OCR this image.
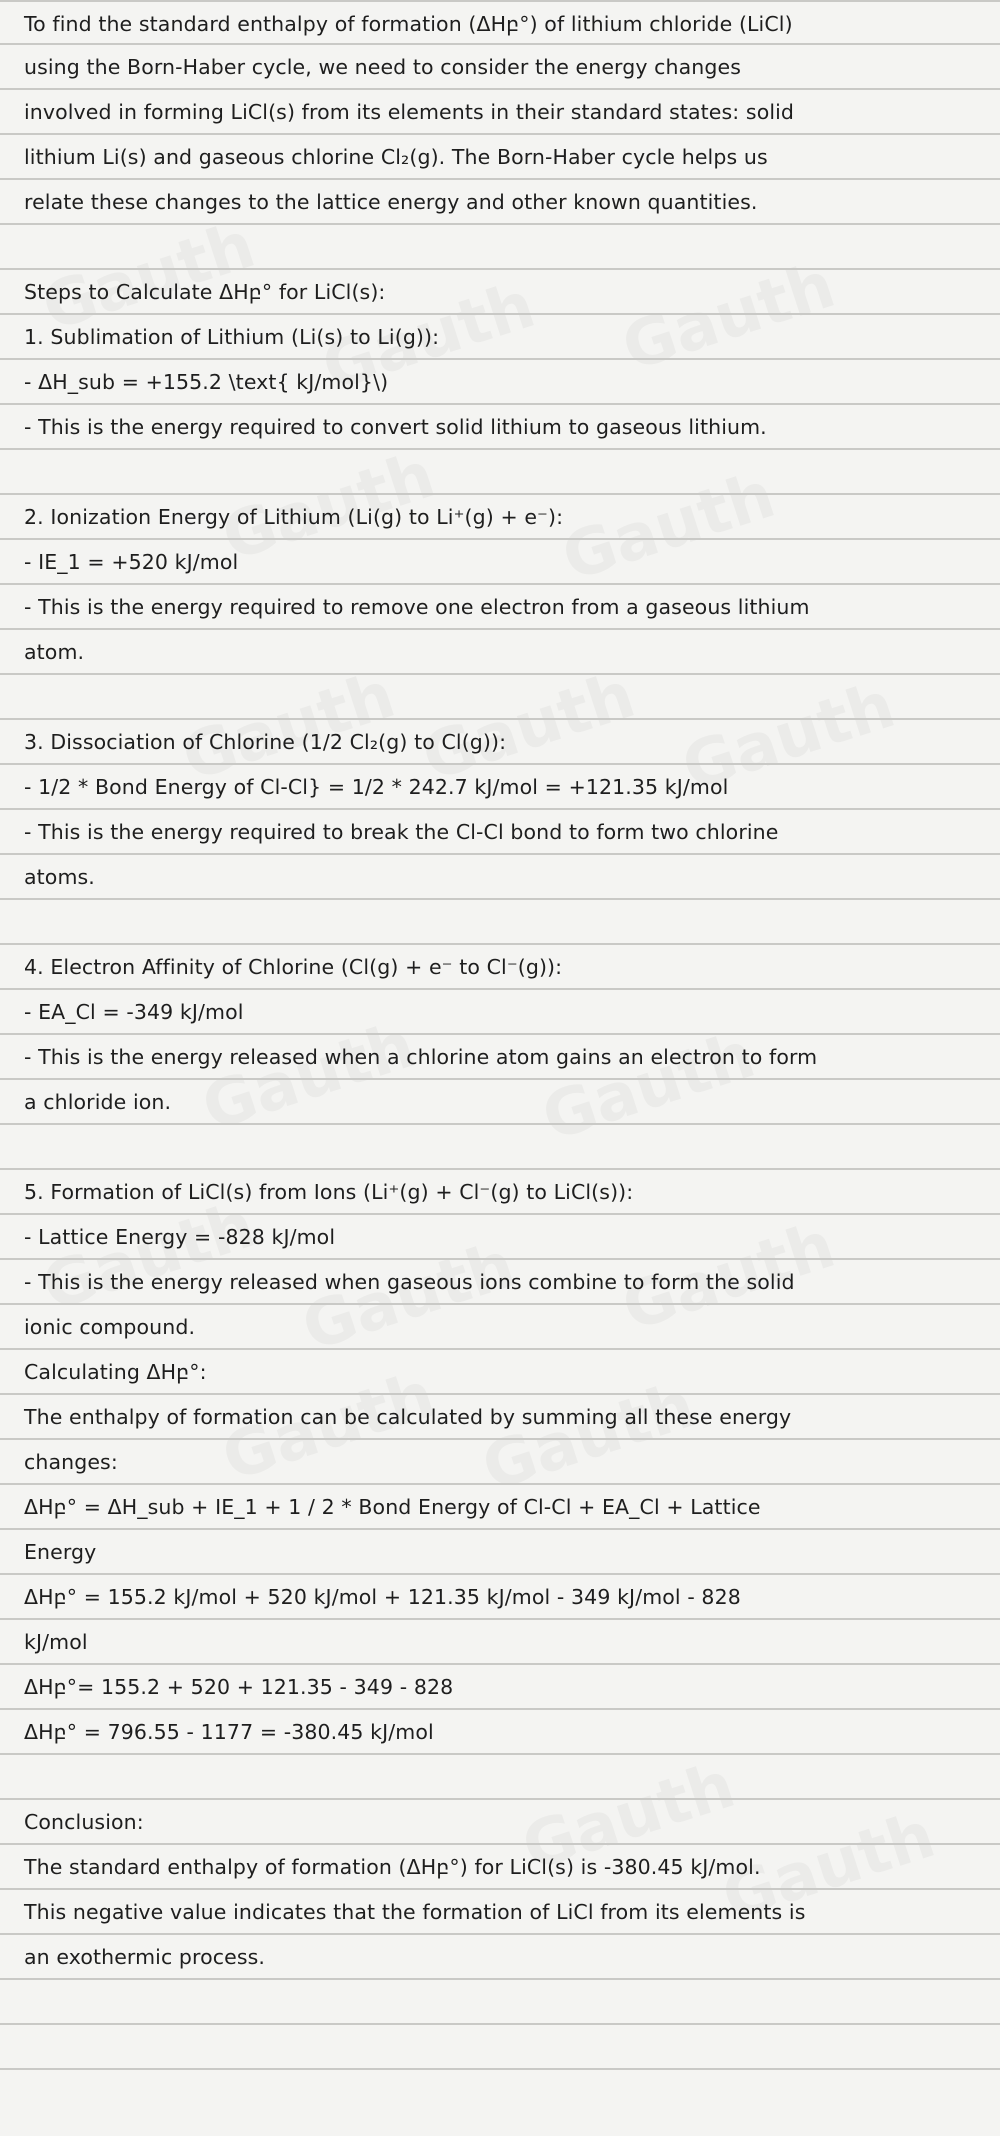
To find the standard enthalpy of formation (ΔHբ°) of lithium chloride (LiCl)
using the Born-Haber cycle, we need to consider the energy changes
involved in forming LiCl(s) from its elements in their standard states: solid
lithium Li(s) and gaseous chlorine Cl₂(g). The Born-Haber cycle helps us
relate these changes to the lattice energy and other known quantities.
Steps to Calculate ΔHբ° for LiCl(s):
1. Sublimation of Lithium (Li(s) to Li(g)):
- ΔH_sub = +155.2 \text{ kJ/mol}\)
- This is the energy required to convert solid lithium to gaseous lithium.
2. Ionization Energy of Lithium (Li(g) to Li⁺(g) + e⁻):
- IE_1 = +520 kJ/mol
- This is the energy required to remove one electron from a gaseous lithium
atom.
3. Dissociation of Chlorine (1/2 Cl₂(g) to Cl(g)):
- 1/2 * Bond Energy of Cl-Cl} = 1/2 * 242.7 kJ/mol = +121.35 kJ/mol
- This is the energy required to break the Cl-Cl bond to form two chlorine
atoms.
4. Electron Affinity of Chlorine (Cl(g) + e⁻ to Cl⁻(g)):
- EA_Cl = -349 kJ/mol
- This is the energy released when a chlorine atom gains an electron to form
a chloride ion.
5. Formation of LiCl(s) from Ions (Li⁺(g) + Cl⁻(g) to LiCl(s)):
- Lattice Energy = -828 kJ/mol
- This is the energy released when gaseous ions combine to form the solid
ionic compound.
Calculating ΔHբ°:
The enthalpy of formation can be calculated by summing all these energy
changes:
ΔHբ° = ΔH_sub + IE_1 + 1 / 2 * Bond Energy of Cl-Cl + EA_Cl + Lattice
Energy
ΔHբ° = 155.2 kJ/mol + 520 kJ/mol + 121.35 kJ/mol - 349 kJ/mol - 828
kJ/mol
ΔHբ°= 155.2 + 520 + 121.35 - 349 - 828
ΔHբ° = 796.55 - 1177 = -380.45 kJ/mol
Conclusion:
The standard enthalpy of formation (ΔHբ°) for LiCl(s) is -380.45 kJ/mol.
This negative value indicates that the formation of LiCl from its elements is
an exothermic process.
